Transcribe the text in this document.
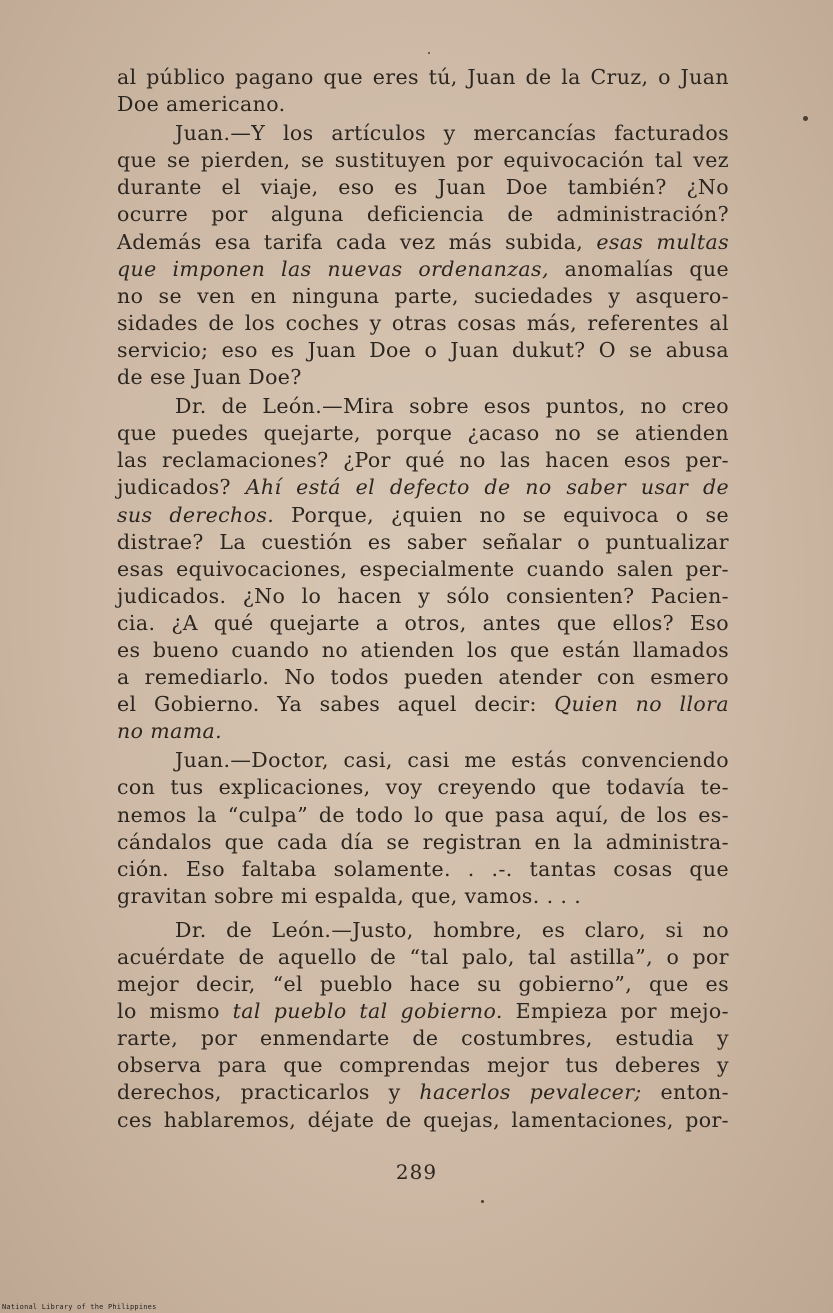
al público pagano que eres tú, Juan de la Cruz, o Juan
Doe americano.
Juan.—Y los artículos y mercancías facturados
que se pierden, se sustituyen por equivocación tal vez
durante el viaje, eso es Juan Doe también? ¿No
ocurre por alguna deficiencia de administración?
Además esa tarifa cada vez más subida, esas multas
que imponen las nuevas ordenanzas, anomalías que
no se ven en ninguna parte, suciedades y asquero-
sidades de los coches y otras cosas más, referentes al
servicio; eso es Juan Doe o Juan dukut? O se abusa
de ese Juan Doe?
Dr. de León.—Mira sobre esos puntos, no creo
que puedes quejarte, porque ¿acaso no se atienden
las reclamaciones? ¿Por qué no las hacen esos per-
judicados? Ahí está el defecto de no saber usar de
sus derechos. Porque, ¿quien no se equivoca o se
distrae? La cuestión es saber señalar o puntualizar
esas equivocaciones, especialmente cuando salen per-
judicados. ¿No lo hacen y sólo consienten? Pacien-
cia. ¿A qué quejarte a otros, antes que ellos? Eso
es bueno cuando no atienden los que están llamados
a remediarlo. No todos pueden atender con esmero
el Gobierno. Ya sabes aquel decir: Quien no llora
no mama.
Juan.—Doctor, casi, casi me estás convenciendo
con tus explicaciones, voy creyendo que todavía te-
nemos la “culpa” de todo lo que pasa aquí, de los es-
cándalos que cada día se registran en la administra-
ción. Eso faltaba solamente. . .-. tantas cosas que
gravitan sobre mi espalda, que, vamos. . . .
Dr. de León.—Justo, hombre, es claro, si no
acuérdate de aquello de “tal palo, tal astilla”, o por
mejor decir, “el pueblo hace su gobierno”, que es
lo mismo tal pueblo tal gobierno. Empieza por mejo-
rarte, por enmendarte de costumbres, estudia y
observa para que comprendas mejor tus deberes y
derechos, practicarlos y hacerlos pevalecer; enton-
ces hablaremos, déjate de quejas, lamentaciones, por-
289
National Library of the Philippines
